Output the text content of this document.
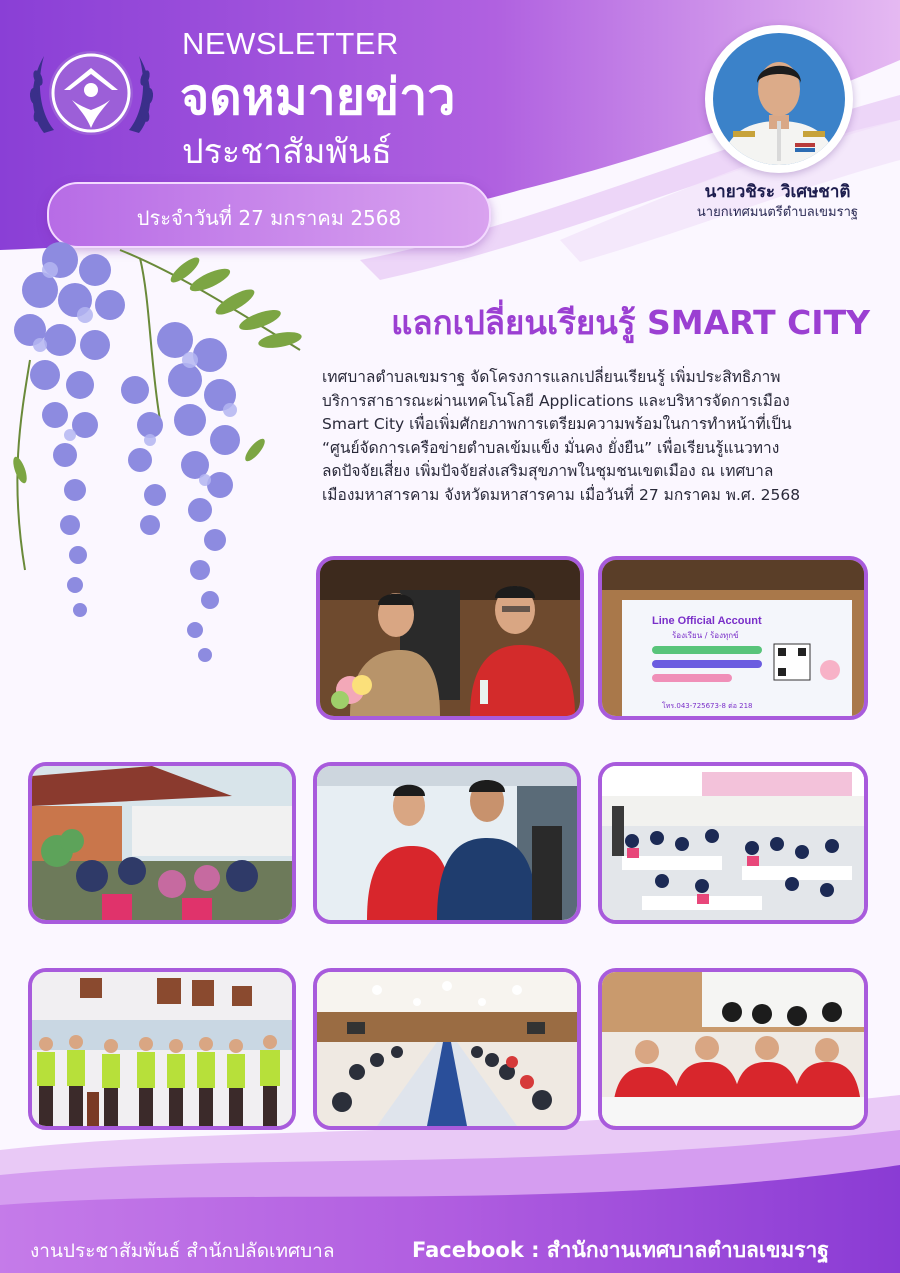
NEWSLETTER
จดหมายข่าว
ประชาสัมพันธ์
ประจำวันที่ 27 มกราคม 2568
นายวชิระ วิเศษชาติ
นายกเทศมนตรีตำบลเขมราฐ
แลกเปลี่ยนเรียนรู้ SMART CITY

เทศบาลตำบลเขมราฐ จัดโครงการแลกเปลี่ยนเรียนรู้ เพิ่มประสิทธิภาพ

บริการสาธารณะผ่านเทคโนโลยี Applications และบริหารจัดการเมือง

Smart City เพื่อเพิ่มศักยภาพการเตรียมความพร้อมในการทำหน้าที่เป็น

“ศูนย์จัดการเครือข่ายตำบลเข้มแข็ง มั่นคง ยั่งยืน” เพื่อเรียนรู้แนวทาง

ลดปัจจัยเสี่ยง เพิ่มปัจจัยส่งเสริมสุขภาพในชุมชนเขตเมือง ณ เทศบาล

เมืองมหาสารคาม จังหวัดมหาสารคาม เมื่อวันที่ 27 มกราคม พ.ศ. 2568

Line Official Account
ร้องเรียน / ร้องทุกข์
โทร.043-725673-8 ต่อ 218
งานประชาสัมพันธ์ สำนักปลัดเทศบาล	Facebook : สำนักงานเทศบาลตำบลเขมราฐ
